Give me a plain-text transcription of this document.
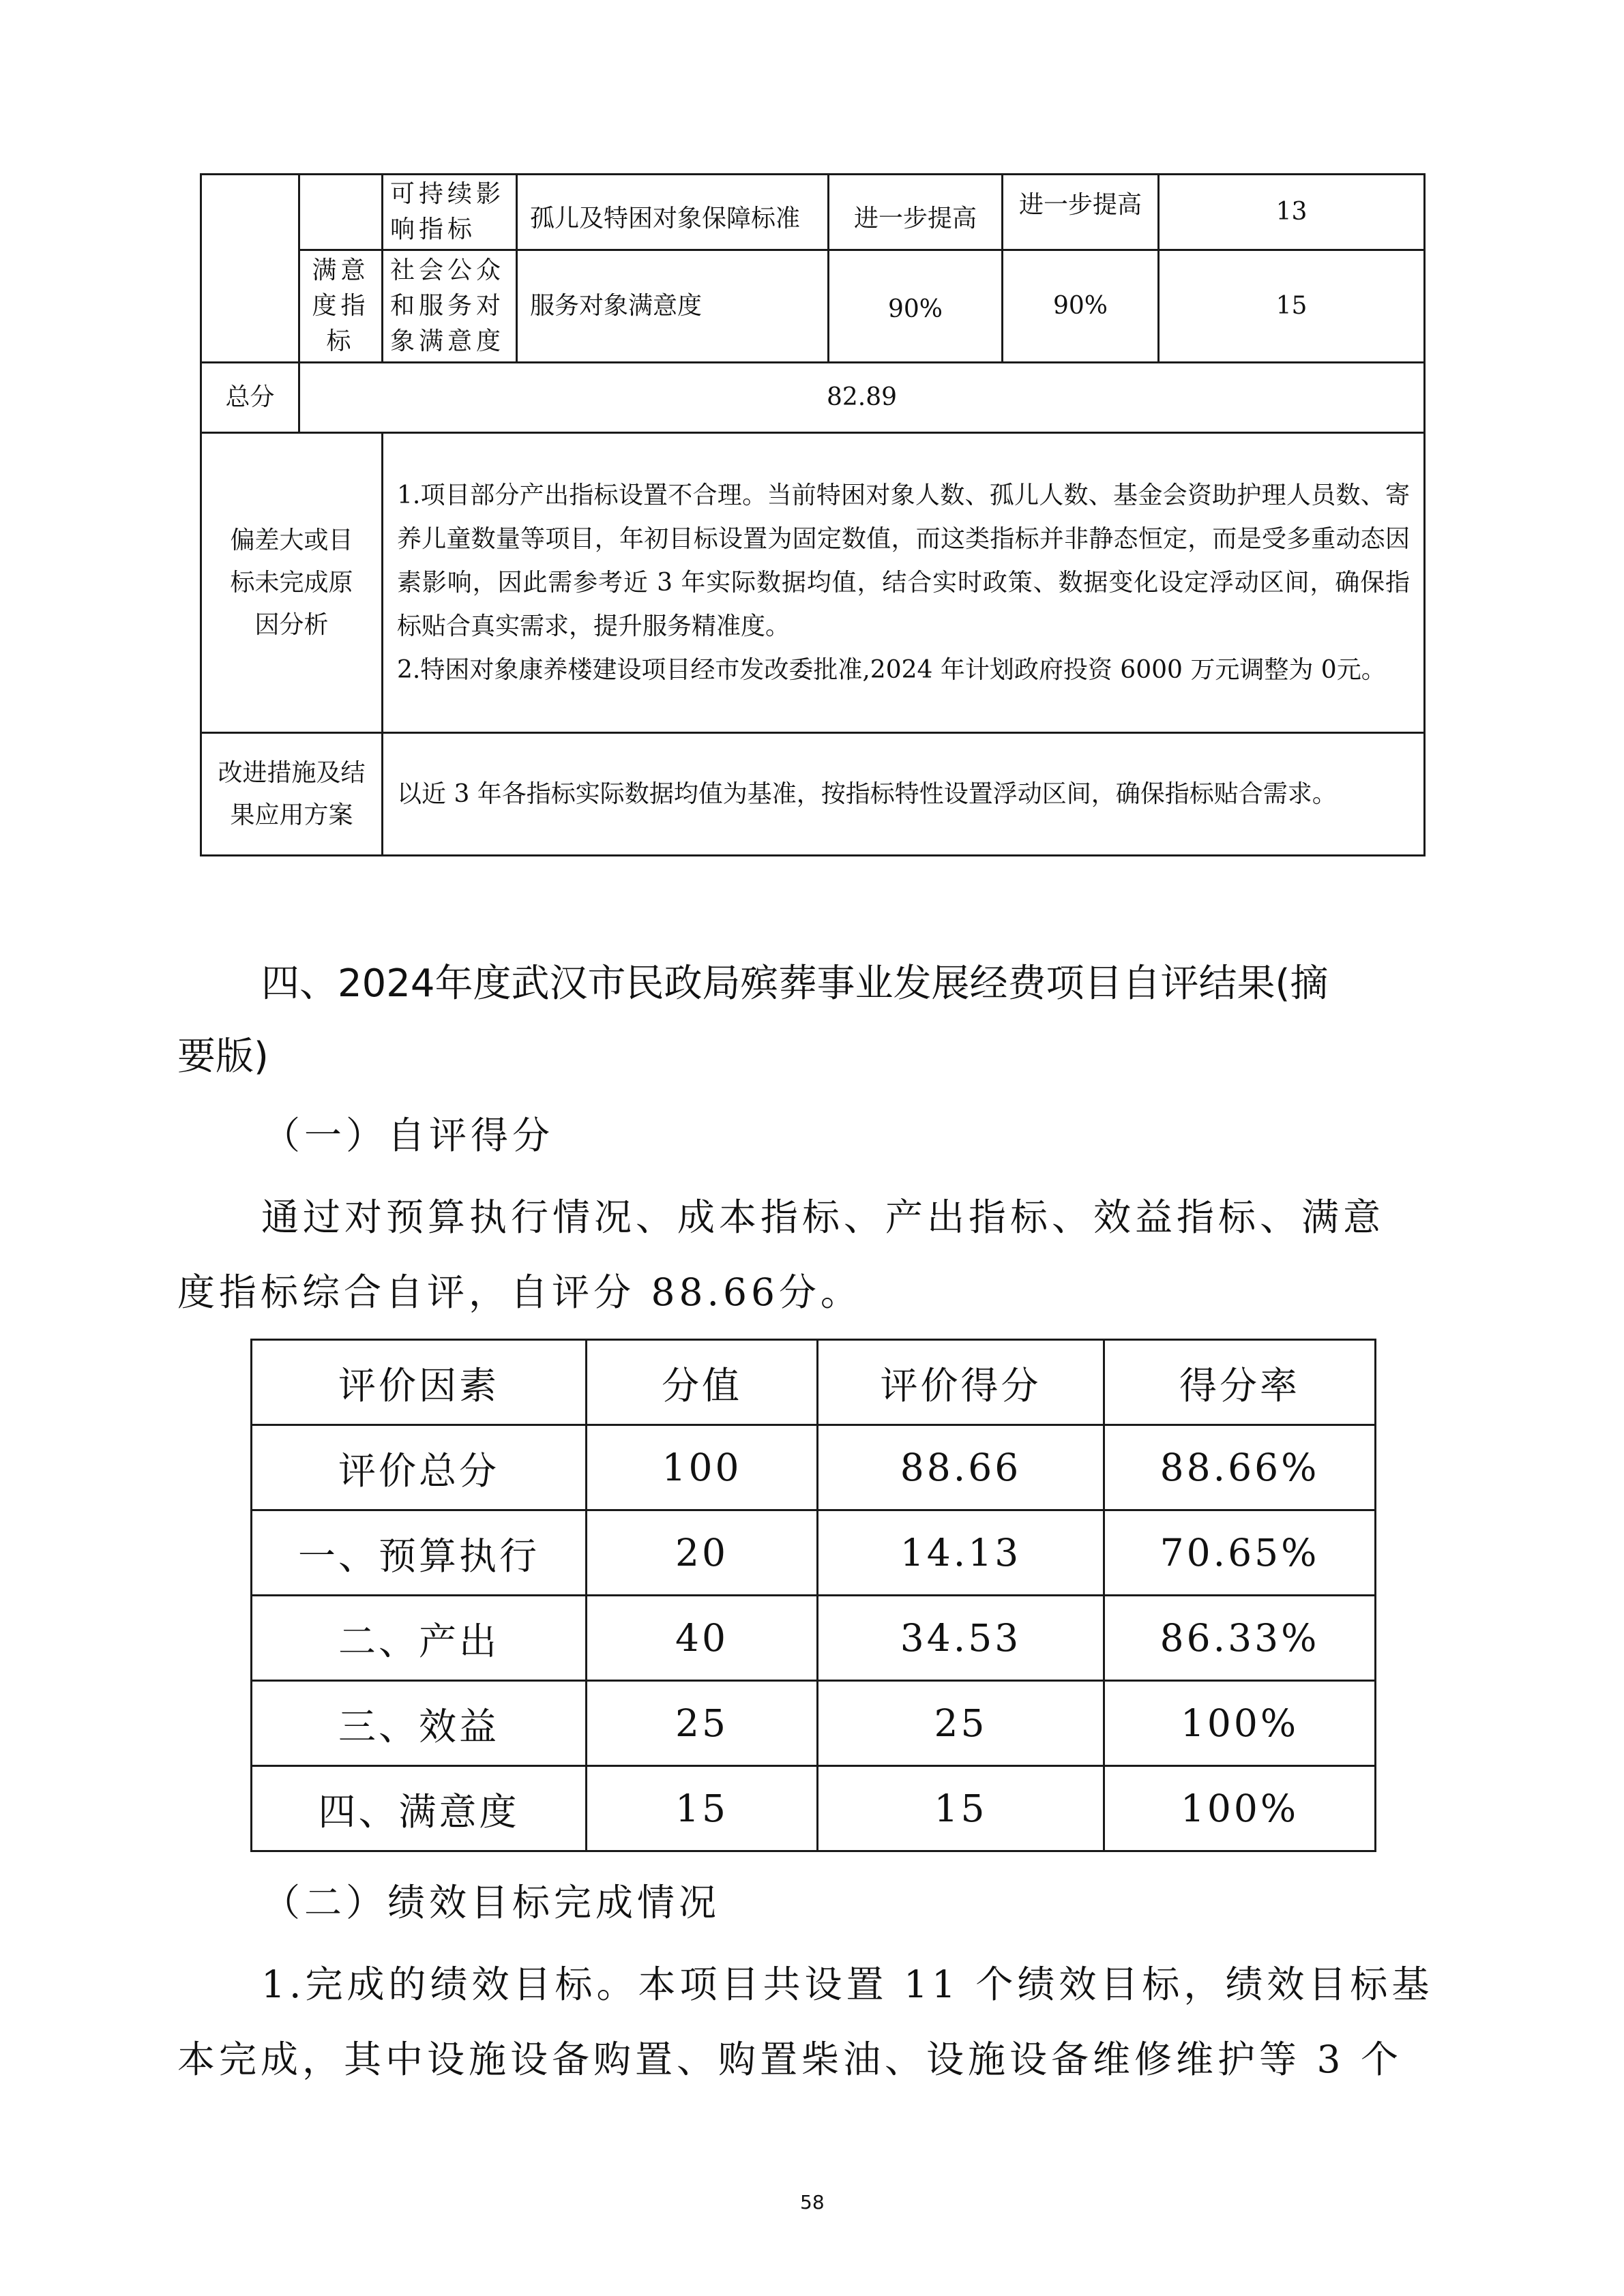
		可持续影响指标	孤儿及特困对象保障标准	进一步提高	进一步提高	13
	满意度指标	社会公众和服务对象满意度	服务对象满意度	90%	90%	15
总分	82.89					
偏差大或目标未完成原因分析		1.项目部分产出指标设置不合理。当前特困对象人数、孤儿人数、基金会资助护理人员数、寄养儿童数量等项目，年初目标设置为固定数值，而这类指标并非静态恒定，而是受多重动态因素影响，因此需参考近 3 年实际数据均值，结合实时政策、数据变化设定浮动区间，确保指标贴合真实需求，提升服务精准度。

2.特困对象康养楼建设项目经市发改委批准,2024 年计划政府投资 6000 万元调整为 0元。				

改进措施及结果应用方案		以近 3 年各指标实际数据均值为基准，按指标特性设置浮动区间，确保指标贴合需求。				
四、2024年度武汉市民政局殡葬事业发展经费项目自评结果(摘
要版)
（一）自评得分
通过对预算执行情况、成本指标、产出指标、效益指标、满意
度指标综合自评，自评分 88.66分。
评价因素	分值	评价得分	得分率
评价总分	100	88.66	88.66%
一、预算执行	20	14.13	70.65%
二、产出	40	34.53	86.33%
三、效益	25	25	100%
四、满意度	15	15	100%
（二）绩效目标完成情况
1.完成的绩效目标。本项目共设置 11 个绩效目标，绩效目标基
本完成，其中设施设备购置、购置柴油、设施设备维修维护等 3 个
58
